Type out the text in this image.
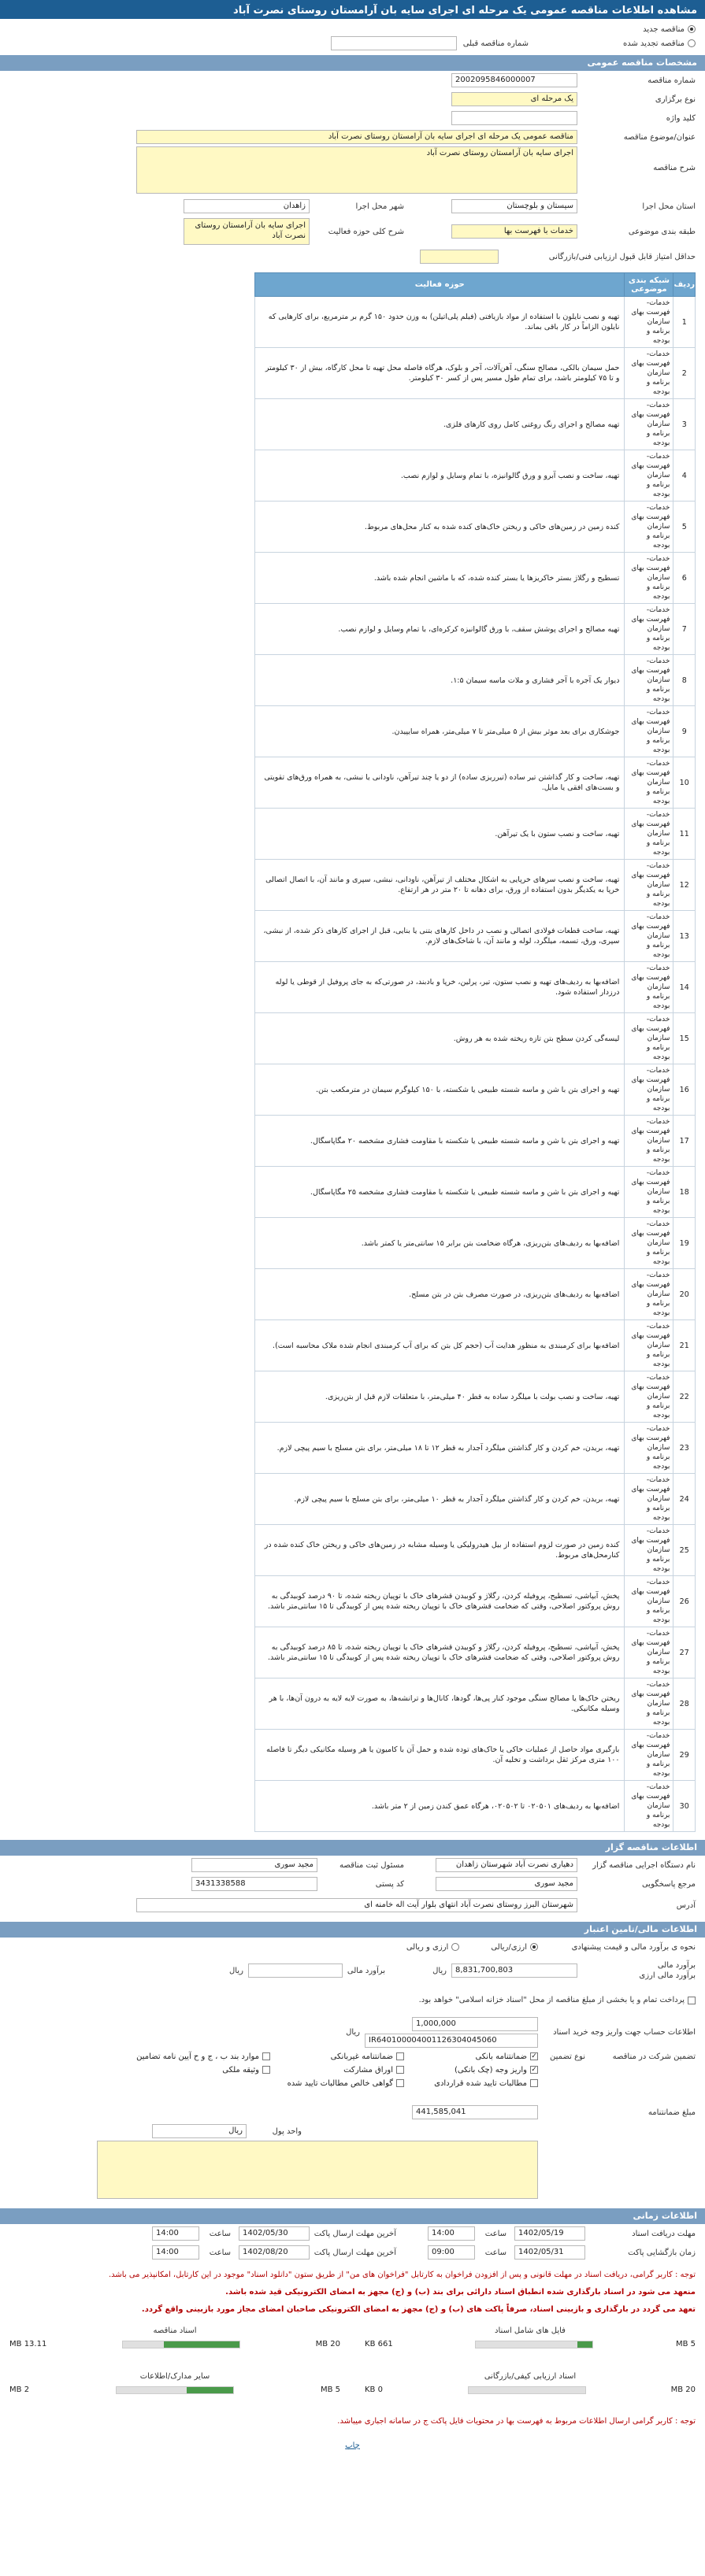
مشاهده اطلاعات مناقصه عمومی یک مرحله ای اجرای سایه بان آرامستان روستای نصرت آباد
مناقصه جدید
مناقصه تجدید شده
شماره مناقصه قبلی
مشخصات مناقصه عمومی
شماره مناقصه
2002095846000007
نوع برگزاری
یک مرحله ای
کلید واژه
عنوان/موضوع مناقصه
مناقصه عمومی یک مرحله ای اجرای سایه بان آرامستان روستای نصرت آباد
شرح مناقصه
اجرای سایه بان آرامستان روستای نصرت آباد
استان محل اجرا
سیستان و بلوچستان
شهر محل اجرا
زاهدان
طبقه بندی موضوعی
خدمات با فهرست بها
شرح کلی حوزه فعالیت
اجرای سایه بان آرامستان روستای نصرت آباد
حداقل امتیاز قابل قبول ارزیابی فنی/بازرگانی
ردیف	شبکه بندی موضوعی	حوزه فعالیت
1	خدمات-فهرست بهای سازمان برنامه و بودجه	تهیه و نصب نایلون با استفاده از مواد بازیافتی (فیلم پلی‌اتیلن) به وزن حدود ۱۵۰ گرم بر مترمربع، برای کارهایی که نایلون الزاماً در کار باقی بماند.
2	خدمات-فهرست بهای سازمان برنامه و بودجه	حمل سیمان بالکی، مصالح سنگی، آهن‌آلات، آجر و بلوک، هرگاه فاصله محل تهیه تا محل کارگاه، بیش از ۳۰ کیلومتر و تا ۷۵ کیلومتر باشد، برای تمام طول مسیر پس از کسر ۳۰ کیلومتر.
3	خدمات-فهرست بهای سازمان برنامه و بودجه	تهیه مصالح و اجرای رنگ روغنی کامل روی کارهای فلزی.
4	خدمات-فهرست بهای سازمان برنامه و بودجه	تهیه، ساخت و نصب آبرو و ورق گالوانیزه، با تمام وسایل و لوازم نصب.
5	خدمات-فهرست بهای سازمان برنامه و بودجه	کنده زمین در زمین‌های خاکی و ریختن خاک‌های کنده شده به کنار محل‌های مربوط.
6	خدمات-فهرست بهای سازمان برنامه و بودجه	تسطیح و رگلاژ بستر خاکریزها یا بستر کنده شده، که با ماشین انجام شده باشد.
7	خدمات-فهرست بهای سازمان برنامه و بودجه	تهیه مصالح و اجرای پوشش سقف، با ورق گالوانیزه کرکره‌ای، با تمام وسایل و لوازم نصب.
8	خدمات-فهرست بهای سازمان برنامه و بودجه	دیوار یک آجره با آجر فشاری و ملات ماسه سیمان ۱:۵.
9	خدمات-فهرست بهای سازمان برنامه و بودجه	جوشکاری برای بعد موثر بیش از ۵ میلی‌متر تا ۷ میلی‌متر، همراه سایپیدن.
10	خدمات-فهرست بهای سازمان برنامه و بودجه	تهیه، ساخت و کار گذاشتن تیر ساده (تیرریزی ساده) از دو یا چند تیرآهن، ناودانی یا نبشی، به همراه ورق‌های تقویتی و بست‌های افقی یا مایل.
11	خدمات-فهرست بهای سازمان برنامه و بودجه	تهیه، ساخت و نصب ستون با یک تیرآهن.
12	خدمات-فهرست بهای سازمان برنامه و بودجه	تهیه، ساخت و نصب سرهای خرپایی به اشکال مختلف از تیرآهن، ناودانی، نبشی، سپری و مانند آن، با اتصال اتصالی خرپا به یکدیگر بدون استفاده از ورق، برای دهانه تا ۲۰ متر در هر ارتفاع.
13	خدمات-فهرست بهای سازمان برنامه و بودجه	تهیه، ساخت قطعات فولادی اتصالی و نصب در داخل کارهای بتنی یا بنایی، قبل از اجرای کارهای ذکر شده، از نبشی، سپری، ورق، تسمه، میلگرد، لوله و مانند آن، با شاخک‌های لازم.
14	خدمات-فهرست بهای سازمان برنامه و بودجه	اضافه‌بها به ردیف‌های تهیه و نصب ستون، تیر، پرلین، خرپا و بادبند، در صورتی‌که به جای پروفیل از قوطی یا لوله درزدار استفاده شود.
15	خدمات-فهرست بهای سازمان برنامه و بودجه	لیسه‌گی کردن سطح بتن تازه ریخته شده به هر روش.
16	خدمات-فهرست بهای سازمان برنامه و بودجه	تهیه و اجرای بتن با شن و ماسه شسته طبیعی یا شکسته، با ۱۵۰ کیلوگرم سیمان در مترمکعب بتن.
17	خدمات-فهرست بهای سازمان برنامه و بودجه	تهیه و اجرای بتن با شن و ماسه شسته طبیعی یا شکسته با مقاومت فشاری مشخصه ۲۰ مگاپاسگال.
18	خدمات-فهرست بهای سازمان برنامه و بودجه	تهیه و اجرای بتن با شن و ماسه شسته طبیعی یا شکسته با مقاومت فشاری مشخصه ۲۵ مگاپاسگال.
19	خدمات-فهرست بهای سازمان برنامه و بودجه	اضافه‌بها به ردیف‌های بتن‌ریزی، هرگاه ضخامت بتن برابر ۱۵ سانتی‌متر یا کمتر باشد.
20	خدمات-فهرست بهای سازمان برنامه و بودجه	اضافه‌بها به ردیف‌های بتن‌ریزی، در صورت مصرف بتن در بتن مسلح.
21	خدمات-فهرست بهای سازمان برنامه و بودجه	اضافه‌بها برای کرمبندی به منظور هدایت آب (حجم کل بتن که برای آب کرمبندی انجام شده ملاک محاسبه است).
22	خدمات-فهرست بهای سازمان برنامه و بودجه	تهیه، ساخت و نصب بولت با میلگرد ساده به قطر ۴۰ میلی‌متر، با متعلقات لازم قبل از بتن‌ریزی.
23	خدمات-فهرست بهای سازمان برنامه و بودجه	تهیه، بریدن، خم کردن و کار گذاشتن میلگرد آجدار به قطر ۱۲ تا ۱۸ میلی‌متر، برای بتن مسلح با سیم پیچی لازم.
24	خدمات-فهرست بهای سازمان برنامه و بودجه	تهیه، بریدن، خم کردن و کار گذاشتن میلگرد آجدار به قطر ۱۰ میلی‌متر، برای بتن مسلح با سیم پیچی لازم.
25	خدمات-فهرست بهای سازمان برنامه و بودجه	کنده زمین در صورت لزوم استفاده از بیل هیدرولیکی یا وسیله مشابه در زمین‌های خاکی و ریختن خاک کنده شده در کنارمحل‌های مربوط.
26	خدمات-فهرست بهای سازمان برنامه و بودجه	پخش، آبپاشی، تسطیح، پروفیله کردن، رگلاژ و کوبیدن قشرهای خاک با توپیان ریخته شده، تا ۹۰ درصد کوبیدگی به روش پروکتور اصلاحی، وقتی که ضخامت قشرهای خاک با توپیان ریخته شده پس از کوبیدگی تا ۱۵ سانتی‌متر باشد.
27	خدمات-فهرست بهای سازمان برنامه و بودجه	پخش، آبپاشی، تسطیح، پروفیله کردن، رگلاژ و کوبیدن قشرهای خاک یا توپیان ریخته شده، تا ۸۵ درصد کوبیدگی به روش پروکتور اصلاحی، وقتی که ضخامت قشرهای خاک با توپیان ریخته شده پس از کوبیدگی تا ۱۵ سانتی‌متر باشد.
28	خدمات-فهرست بهای سازمان برنامه و بودجه	ریختن خاک‌ها یا مصالح سنگی موجود کنار پی‌ها، گودها، کانال‌ها و ترانشه‌ها، به صورت لایه لایه به درون آن‌ها، با هر وسیله مکانیکی.
29	خدمات-فهرست بهای سازمان برنامه و بودجه	بارگیری مواد حاصل از عملیات خاکی یا خاک‌های توده شده و حمل آن با کامیون یا هر وسیله مکانیکی دیگر تا فاصله ۱۰۰ متری مرکز ثقل برداشت و تخلیه آن.
30	خدمات-فهرست بهای سازمان برنامه و بودجه	اضافه‌بها به ردیف‌های ۰۲۰۵۰۱ تا ۰۲۰۵۰۲، هرگاه عمق کندن زمین از ۲ متر باشد.
اطلاعات مناقصه گزار
نام دستگاه اجرایی مناقصه گزار
دهیاری نصرت آباد شهرستان زاهدان
مسئول ثبت مناقصه
مجید سوری
مرجع پاسخگویی
مجید سوری
کد پستی
3431338588
آدرس
شهرستان البرز روستای نصرت آباد انتهای بلوار آیت اله خامنه ای
اطلاعات مالی/تامین اعتبار
نحوه ی برآورد مالی و قیمت پیشنهادی
ارزی/ریالی
ارزی و ریالی
برآورد مالی
برآورد مالی ارزی
8,831,700,803
ریال
برآورد مالی
ریال
پرداخت تمام و یا بخشی از مبلغ مناقصه از محل "اسناد خزانه اسلامی" خواهد بود.
اطلاعات حساب جهت واریز وجه خرید اسناد
1,000,000
IR640100004001126304045060
ریال
تضمین شرکت در مناقصه
نوع تضمین
✓ضمانتنامه بانکی
ضمانتنامه غیربانکی
موارد بند ب ، ج و ح آیین نامه تضامین
✓واریز وجه (چک بانکی)
اوراق مشارکت
وثیقه ملکی
مطالبات تایید شده قراردادی
گواهی خالص مطالبات تایید شده
مبلغ ضمانتنامه
441,585,041
واحد پول
ریال
اطلاعات زمانی
مهلت دریافت اسناد
1402/05/19
ساعت
14:00
آخرین مهلت ارسال پاکت
1402/05/30
ساعت
14:00
زمان بازگشایی پاکت
1402/05/31
ساعت
09:00
آخرین مهلت ارسال پاکت
1402/08/20
ساعت
14:00
توجه : کاربر گرامی، دریافت اسناد در مهلت قانونی و پس از افزودن فراخوان به کارتابل "فراخوان های من" از طریق ستون "دانلود اسناد" موجود در این کارتابل، امکانپذیر می باشد.
منعهد می شود در اسناد بارگذاری شده انطباق اسناد دارائی برای بند (ب) و (ج) مجهز به امضای الکترونیکی قید شده باشد.
تعهد می گردد در بارگذاری و بازبینی اسناد، صرفاً پاکت های (ب) و (ج) مجهز به امضای الکترونیکی صاحبان امضای مجاز مورد بازبینی واقع گردد.
فایل های شامل اسناد
5 MB
661 KB
اسناد مناقصه
20 MB
13.11 MB
اسناد ارزیابی کیفی/بازرگانی
20 MB
0 KB
سایر مدارک/اطلاعات
5 MB
2 MB
توجه : کاربر گرامی ارسال اطلاعات مربوط به فهرست بها در محتویات فایل پاکت ج در سامانه اجباری میباشد.
چاپ
